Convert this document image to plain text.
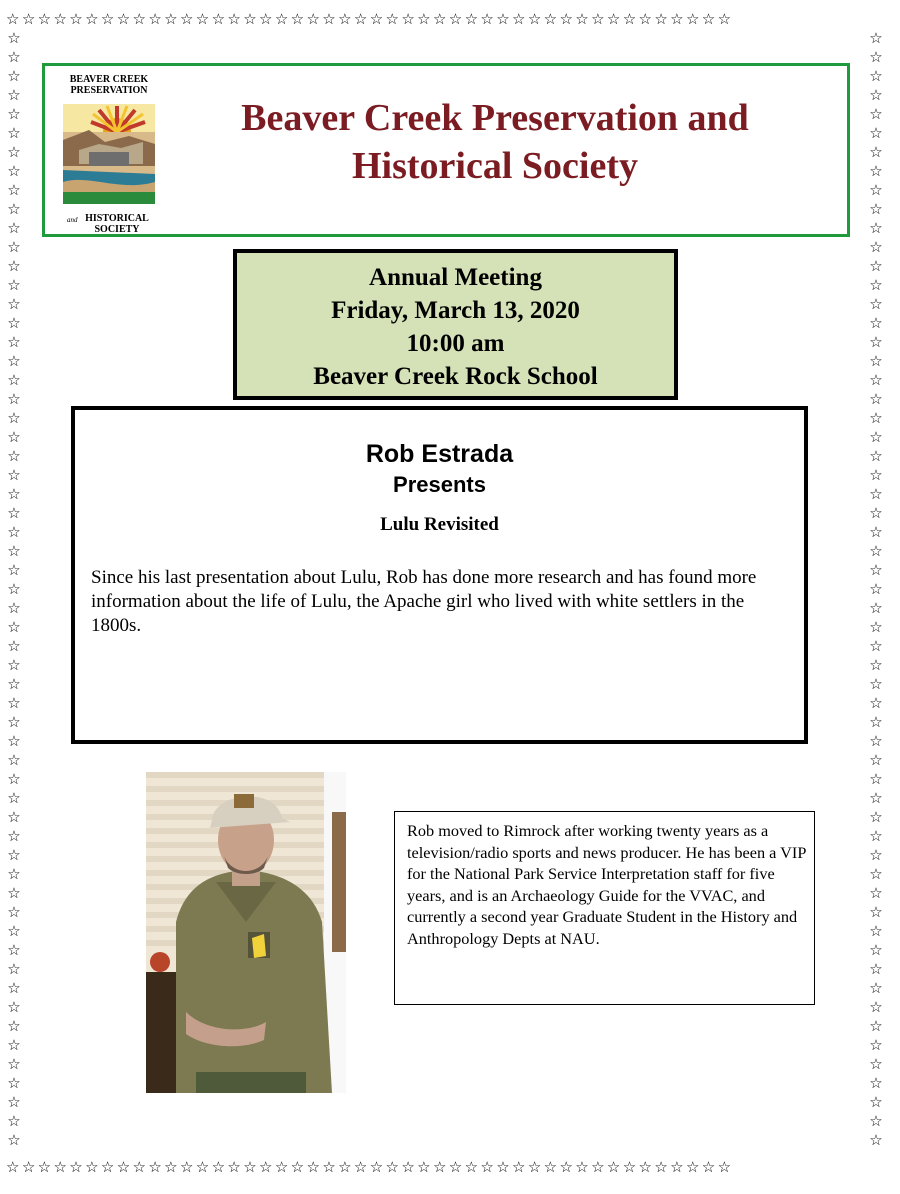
☆☆☆☆☆☆☆☆☆☆☆☆☆☆☆☆☆☆☆☆☆☆☆☆☆☆☆☆☆☆☆☆☆☆☆☆☆☆☆☆☆☆☆☆☆☆
☆☆☆☆☆☆☆☆☆☆☆☆☆☆☆☆☆☆☆☆☆☆☆☆☆☆☆☆☆☆☆☆☆☆☆☆☆☆☆☆☆☆☆☆☆☆
☆
☆
☆
☆
☆
☆
☆
☆
☆
☆
☆
☆
☆
☆
☆
☆
☆
☆
☆
☆
☆
☆
☆
☆
☆
☆
☆
☆
☆
☆
☆
☆
☆
☆
☆
☆
☆
☆
☆
☆
☆
☆
☆
☆
☆
☆
☆
☆
☆
☆
☆
☆
☆
☆
☆
☆
☆
☆
☆
☆
☆
☆
☆
☆
☆
☆
☆
☆
☆
☆
☆
☆
☆
☆
☆
☆
☆
☆
☆
☆
☆
☆
☆
☆
☆
☆
☆
☆
☆
☆
☆
☆
☆
☆
☆
☆
☆
☆
☆
☆
☆
☆
☆
☆
☆
☆
☆
☆
☆
☆
☆
☆
☆
☆
☆
☆
☆
☆
BEAVER CREEK
PRESERVATION
and HISTORICAL
SOCIETY
Beaver Creek Preservation and
Historical Society
Annual Meeting
Friday, March 13, 2020
10:00 am
Beaver Creek Rock School
Rob Estrada
Presents
Lulu Revisited
Since his last presentation about Lulu, Rob has done more research and has found more information about the life of Lulu, the Apache girl who lived with white settlers in the 1800s.
Rob moved to Rimrock after working twenty years as a television/radio sports and news producer. He has been a VIP for the National Park Service Interpretation staff for five years, and is an Archaeology Guide for the VVAC, and currently a second year Graduate Student in the History and Anthropology Depts at NAU.
